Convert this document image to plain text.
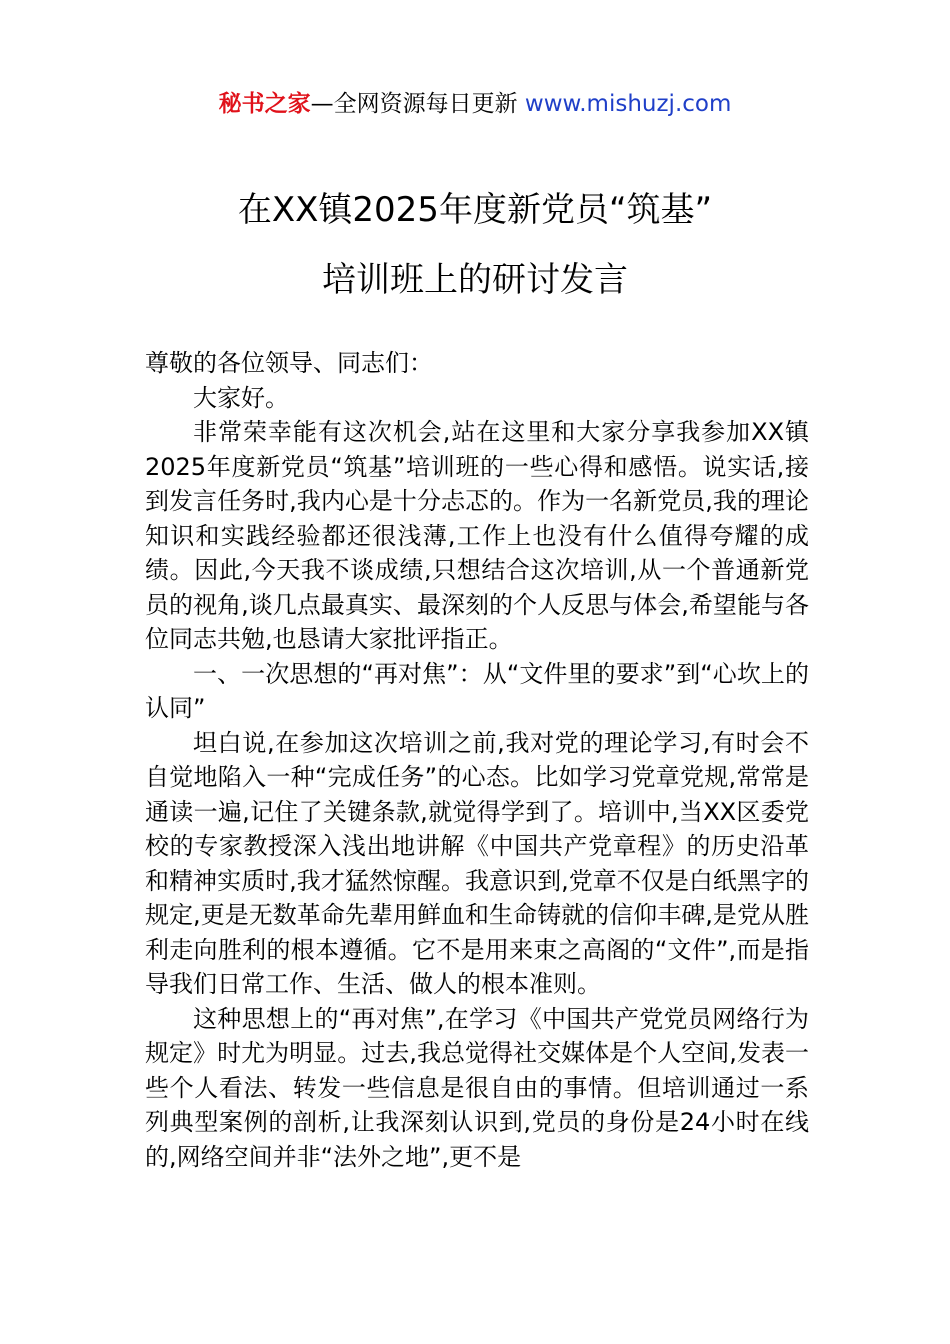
秘书之家—全网资源每日更新 www.mishuzj.com
在XX镇2025年度新党员“筑基”
培训班上的研讨发言

尊敬的各位领导、同志们：

大家好。

非常荣幸能有这次机会,站在这里和大家分享我参加XX镇2025年度新党员“筑基”培训班的一些心得和感悟。说实话,接到发言任务时,我内心是十分忐忑的。作为一名新党员,我的理论知识和实践经验都还很浅薄,工作上也没有什么值得夸耀的成绩。因此,今天我不谈成绩,只想结合这次培训,从一个普通新党员的视角,谈几点最真实、最深刻的个人反思与体会,希望能与各位同志共勉,也恳请大家批评指正。

一、一次思想的“再对焦”：从“文件里的要求”到“心坎上的认同”

坦白说,在参加这次培训之前,我对党的理论学习,有时会不自觉地陷入一种“完成任务”的心态。比如学习党章党规,常常是通读一遍,记住了关键条款,就觉得学到了。培训中,当XX区委党校的专家教授深入浅出地讲解《中国共产党章程》的历史沿革和精神实质时,我才猛然惊醒。我意识到,党章不仅是白纸黑字的规定,更是无数革命先辈用鲜血和生命铸就的信仰丰碑,是党从胜利走向胜利的根本遵循。它不是用来束之高阁的“文件”,而是指导我们日常工作、生活、做人的根本准则。

这种思想上的“再对焦”,在学习《中国共产党党员网络行为规定》时尤为明显。过去,我总觉得社交媒体是个人空间,发表一些个人看法、转发一些信息是很自由的事情。但培训通过一系列典型案例的剖析,让我深刻认识到,党员的身份是24小时在线的,网络空间并非“法外之地”,更不是
